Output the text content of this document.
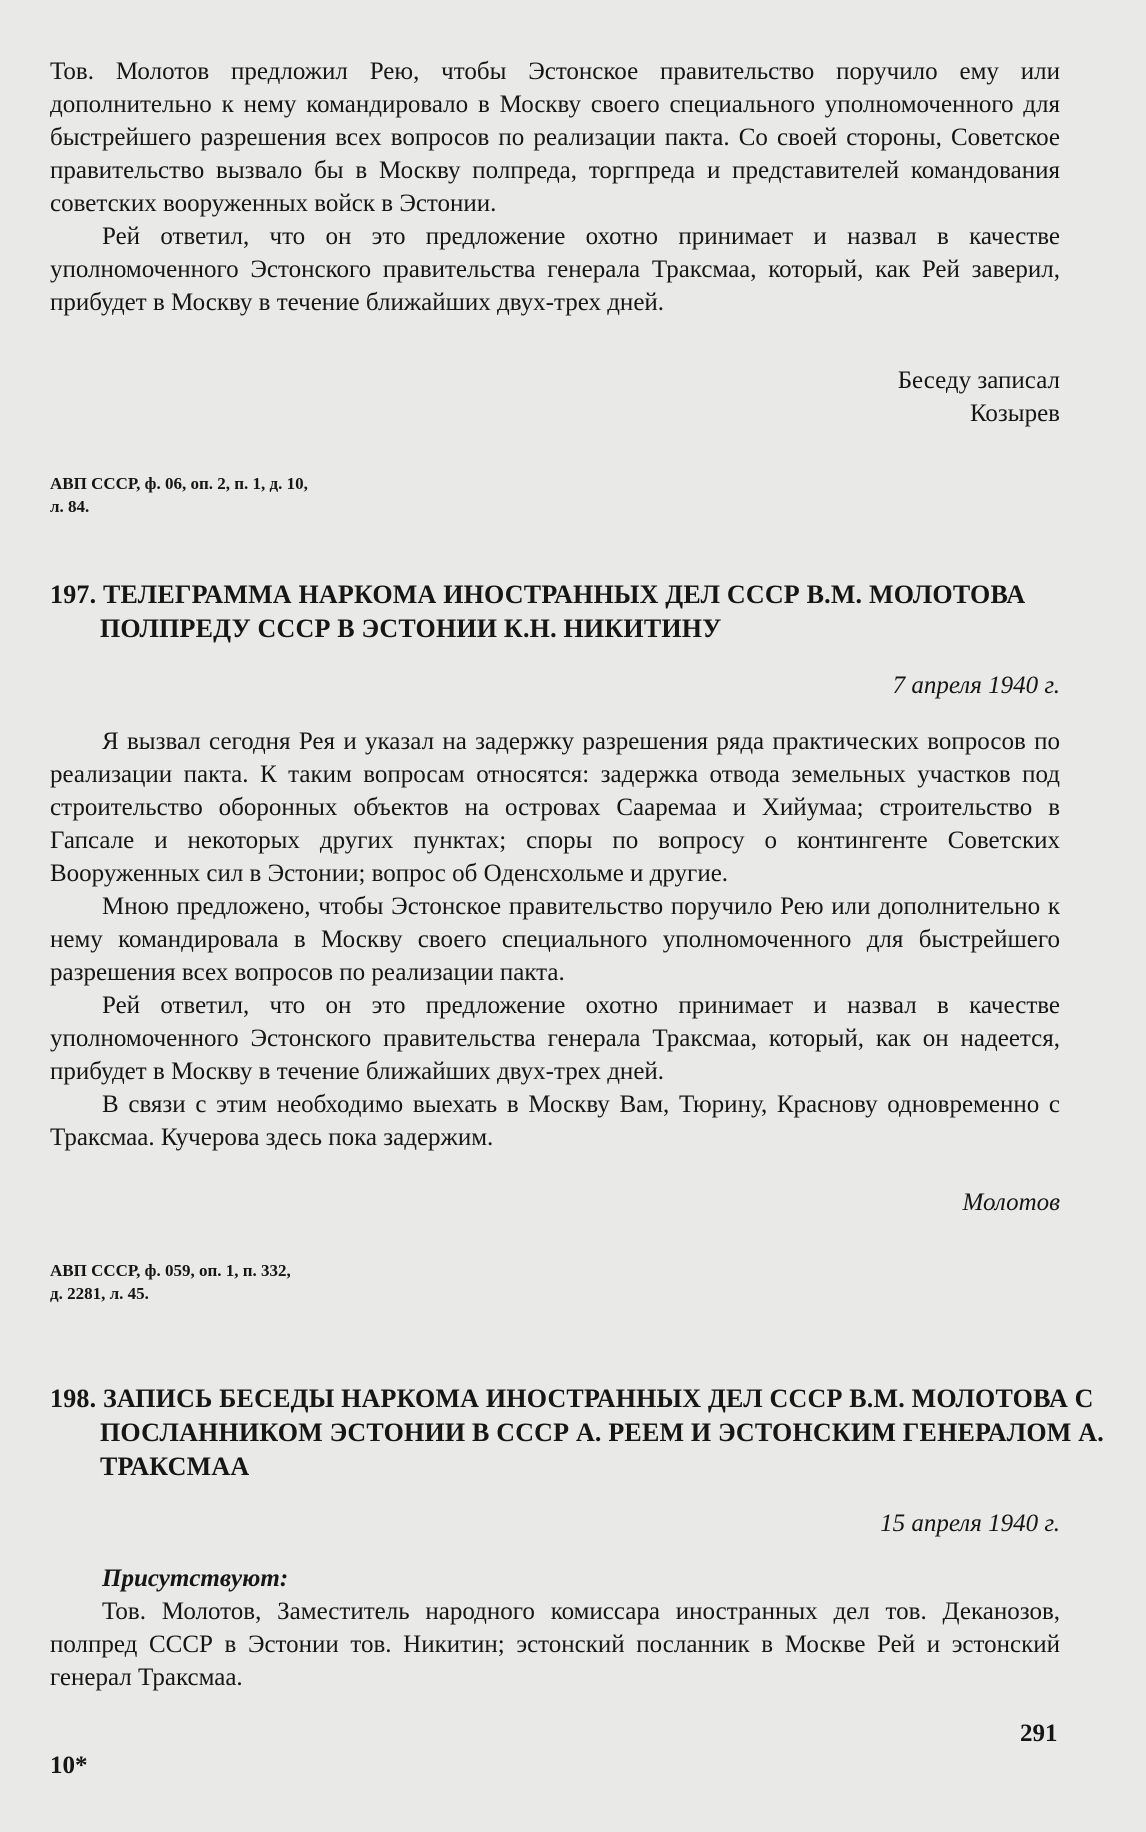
Тов. Молотов предложил Рею, чтобы Эстонское правительство поручило ему или дополнительно к нему командировало в Москву своего специального уполномоченного для быстрейшего разрешения всех вопросов по реализации пакта. Со своей стороны, Советское правительство вызвало бы в Москву полпреда, торгпреда и представителей командования советских вооруженных войск в Эстонии.

Рей ответил, что он это предложение охотно принимает и назвал в качестве уполномоченного Эстонского правительства генерала Траксмаа, который, как Рей заверил, прибудет в Москву в течение ближайших двух-трех дней.

Беседу записал

Козырев

АВП СССР, ф. 06, оп. 2, п. 1, д. 10,

л. 84.

197. ТЕЛЕГРАММА НАРКОМА ИНОСТРАННЫХ ДЕЛ СССР В.М. МОЛОТОВА ПОЛПРЕДУ СССР В ЭСТОНИИ К.Н. НИКИТИНУ
7 апреля 1940 г.

Я вызвал сегодня Рея и указал на задержку разрешения ряда практических вопросов по реализации пакта. К таким вопросам относятся: задержка отвода земельных участков под строительство оборонных объектов на островах Сааремаа и Хийумаа; строительство в Гапсале и некоторых других пунктах; споры по вопросу о контингенте Советских Вооруженных сил в Эстонии; вопрос об Оденсхольме и другие.

Мною предложено, чтобы Эстонское правительство поручило Рею или дополнительно к нему командировала в Москву своего специального уполномоченного для быстрейшего разрешения всех вопросов по реализации пакта.

Рей ответил, что он это предложение охотно принимает и назвал в качестве уполномоченного Эстонского правительства генерала Траксмаа, который, как он надеется, прибудет в Москву в течение ближайших двух-трех дней.

В связи с этим необходимо выехать в Москву Вам, Тюрину, Краснову одновременно с Траксмаа. Кучерова здесь пока задержим.

Молотов

АВП СССР, ф. 059, оп. 1, п. 332,

д. 2281, л. 45.

198. ЗАПИСЬ БЕСЕДЫ НАРКОМА ИНОСТРАННЫХ ДЕЛ СССР В.М. МОЛОТОВА С ПОСЛАННИКОМ ЭСТОНИИ В СССР А. РЕЕМ И ЭСТОНСКИМ ГЕНЕРАЛОМ А. ТРАКСМАА
15 апреля 1940 г.

Присутствуют:

Тов. Молотов, Заместитель народного комиссара иностранных дел тов. Деканозов, полпред СССР в Эстонии тов. Никитин; эстонский посланник в Москве Рей и эстонский генерал Траксмаа.

291
10*
